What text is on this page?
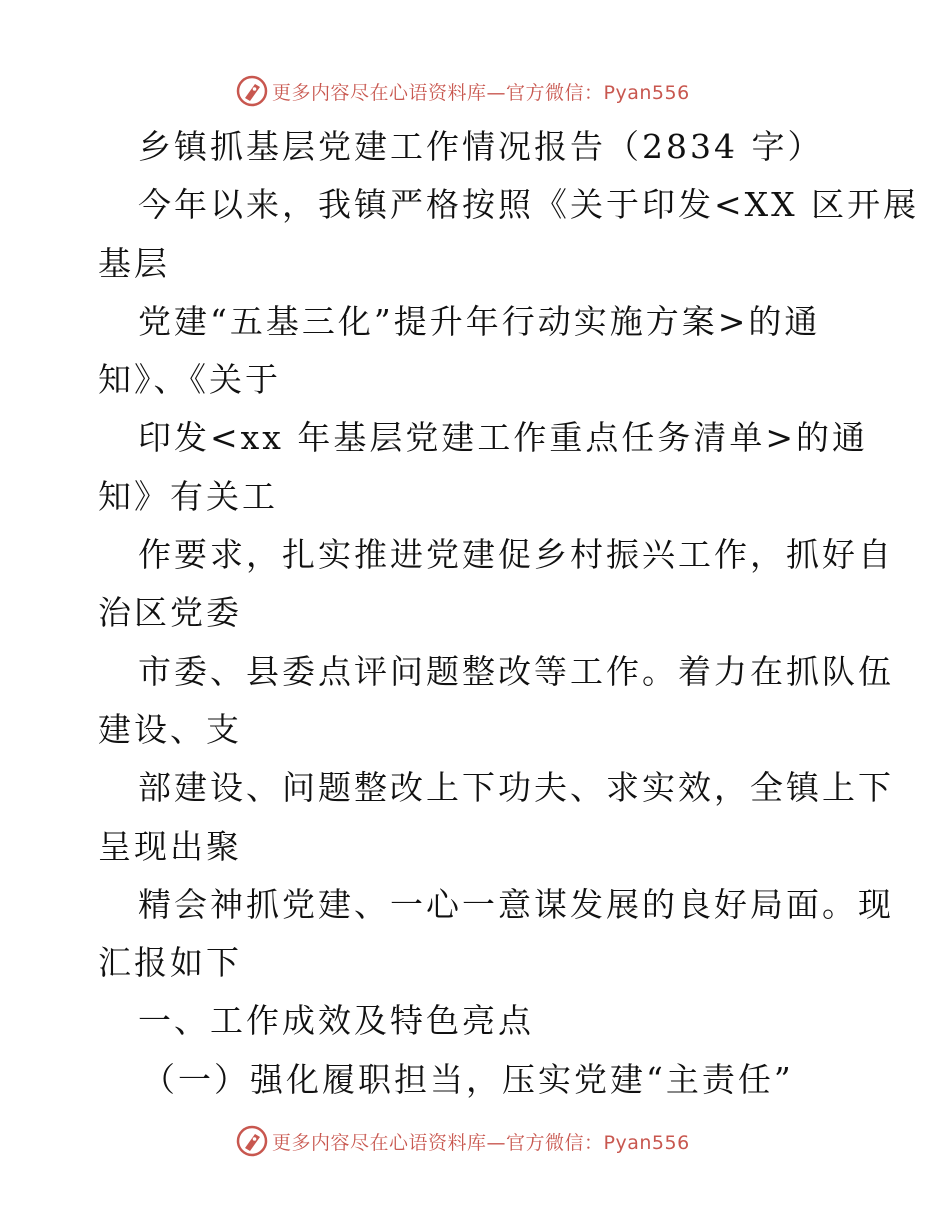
更多内容尽在心语资料库—官方微信：Pyan556
乡镇抓基层党建工作情况报告（2834 字）
今年以来，我镇严格按照《关于印发<XX 区开展
基层
党建“五基三化”提升年行动实施方案>的通
知》、《关于
印发<xx 年基层党建工作重点任务清单>的通
知》有关工
作要求，扎实推进党建促乡村振兴工作，抓好自
治区党委
市委、县委点评问题整改等工作。着力在抓队伍
建设、支
部建设、问题整改上下功夫、求实效，全镇上下
呈现出聚
精会神抓党建、一心一意谋发展的良好局面。现
汇报如下
一、工作成效及特色亮点
（一）强化履职担当，压实党建“主责任”
更多内容尽在心语资料库—官方微信：Pyan556
